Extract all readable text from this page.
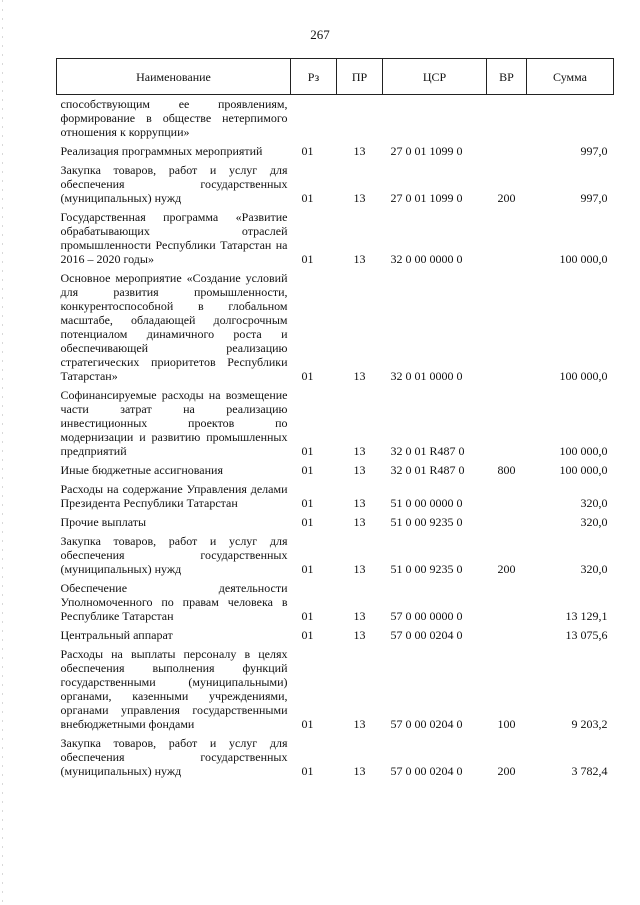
267
Наименование	Рз	ПР	ЦСР	ВР	Сумма
способствующим ее проявлениям, формирование в обществе нетерпимого отношения к коррупции»					
Реализация программных мероприятий	01	13	27 0 01 1099 0		997,0
Закупка товаров, работ и услуг для обеспечения государственных (муниципальных) нужд	01	13	27 0 01 1099 0	200	997,0
Государственная программа «Развитие обрабатывающих отраслей промышленности Республики Татарстан на 2016 – 2020 годы»	01	13	32 0 00 0000 0		100 000,0
Основное мероприятие «Создание условий для развития промышленности, конкурентоспособной в глобальном масштабе, обладающей долгосрочным потенциалом динамичного роста и обеспечивающей реализацию стратегических приоритетов Республики Татарстан»	01	13	32 0 01 0000 0		100 000,0
Софинансируемые расходы на возмещение части затрат на реализацию инвестиционных проектов по модернизации и развитию промышленных предприятий	01	13	32 0 01 R487 0		100 000,0
Иные бюджетные ассигнования	01	13	32 0 01 R487 0	800	100 000,0
Расходы на содержание Управления делами Президента Республики Татарстан	01	13	51 0 00 0000 0		320,0
Прочие выплаты	01	13	51 0 00 9235 0		320,0
Закупка товаров, работ и услуг для обеспечения государственных (муниципальных) нужд	01	13	51 0 00 9235 0	200	320,0
Обеспечение деятельности Уполномоченного по правам человека в Республике Татарстан	01	13	57 0 00 0000 0		13 129,1
Центральный аппарат	01	13	57 0 00 0204 0		13 075,6
Расходы на выплаты персоналу в целях обеспечения выполнения функций государственными (муниципальными) органами, казенными учреждениями, органами управления государственными внебюджетными фондами	01	13	57 0 00 0204 0	100	9 203,2
Закупка товаров, работ и услуг для обеспечения государственных (муниципальных) нужд	01	13	57 0 00 0204 0	200	3 782,4
